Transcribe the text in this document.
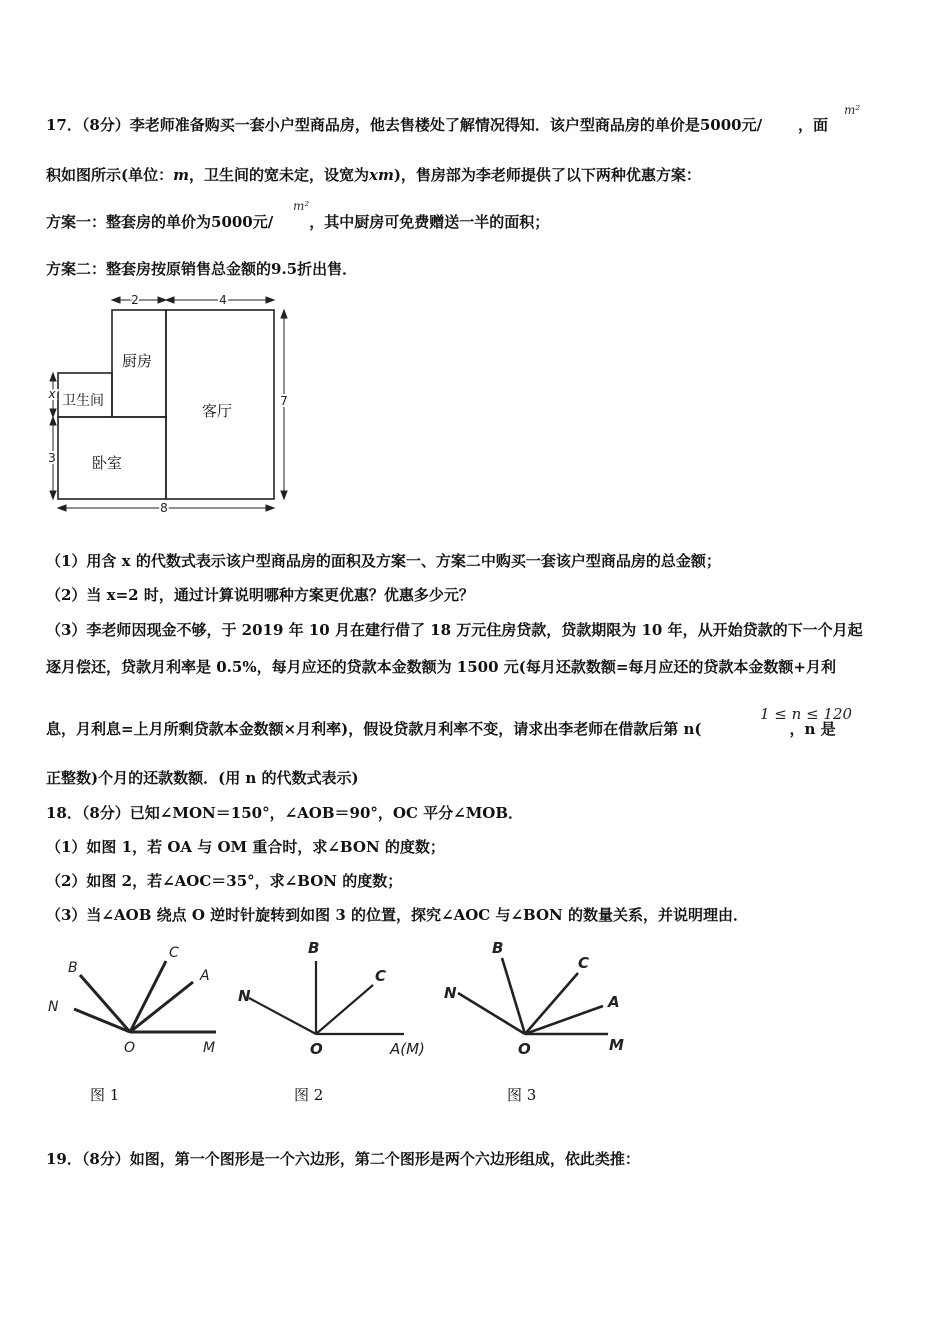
17．（8分）李老师准备购买一套小户型商品房，他去售楼处了解情况得知．该户型商品房的单价是5000元/ ，面
m²
积如图所示(单位：m，卫生间的宽未定，设宽为xm)，售房部为李老师提供了以下两种优惠方案：
方案一：整套房的单价为5000元/ ，其中厨房可免费赠送一半的面积；
m²
方案二：整套房按原销售总金额的9.5折出售．
厨房
客厅
卫生间
卧室
2	4
7
x
3
8
（1）用含 x 的代数式表示该户型商品房的面积及方案一、方案二中购买一套该户型商品房的总金额；
（2）当 x=2 时，通过计算说明哪种方案更优惠？优惠多少元？
（3）李老师因现金不够，于 2019 年 10 月在建行借了 18 万元住房贷款，贷款期限为 10 年，从开始贷款的下一个月起
逐月偿还，贷款月利率是 0.5%，每月应还的贷款本金数额为 1500 元(每月还款数额=每月应还的贷款本金数额+月利
息，月利息=上月所剩贷款本金数额×月利率)，假设贷款月利率不变，请求出李老师在借款后第 n(	，n 是
1 ≤ n ≤ 120
正整数)个月的还款数额．(用 n 的代数式表示)
18．（8分）已知∠MON＝150°，∠AOB＝90°，OC 平分∠MOB．
（1）如图 1，若 OA 与 OM 重合时，求∠BON 的度数；
（2）如图 2，若∠AOC＝35°，求∠BON 的度数；
（3）当∠AOB 绕点 O 逆时针旋转到如图 3 的位置，探究∠AOC 与∠BON 的数量关系，并说明理由．
B
C
A
N
O	M
B
C
N
O	A(M)
B
C
A
N
O	M
图 1	图 2	图 3
19．（8分）如图，第一个图形是一个六边形，第二个图形是两个六边形组成，依此类推：
